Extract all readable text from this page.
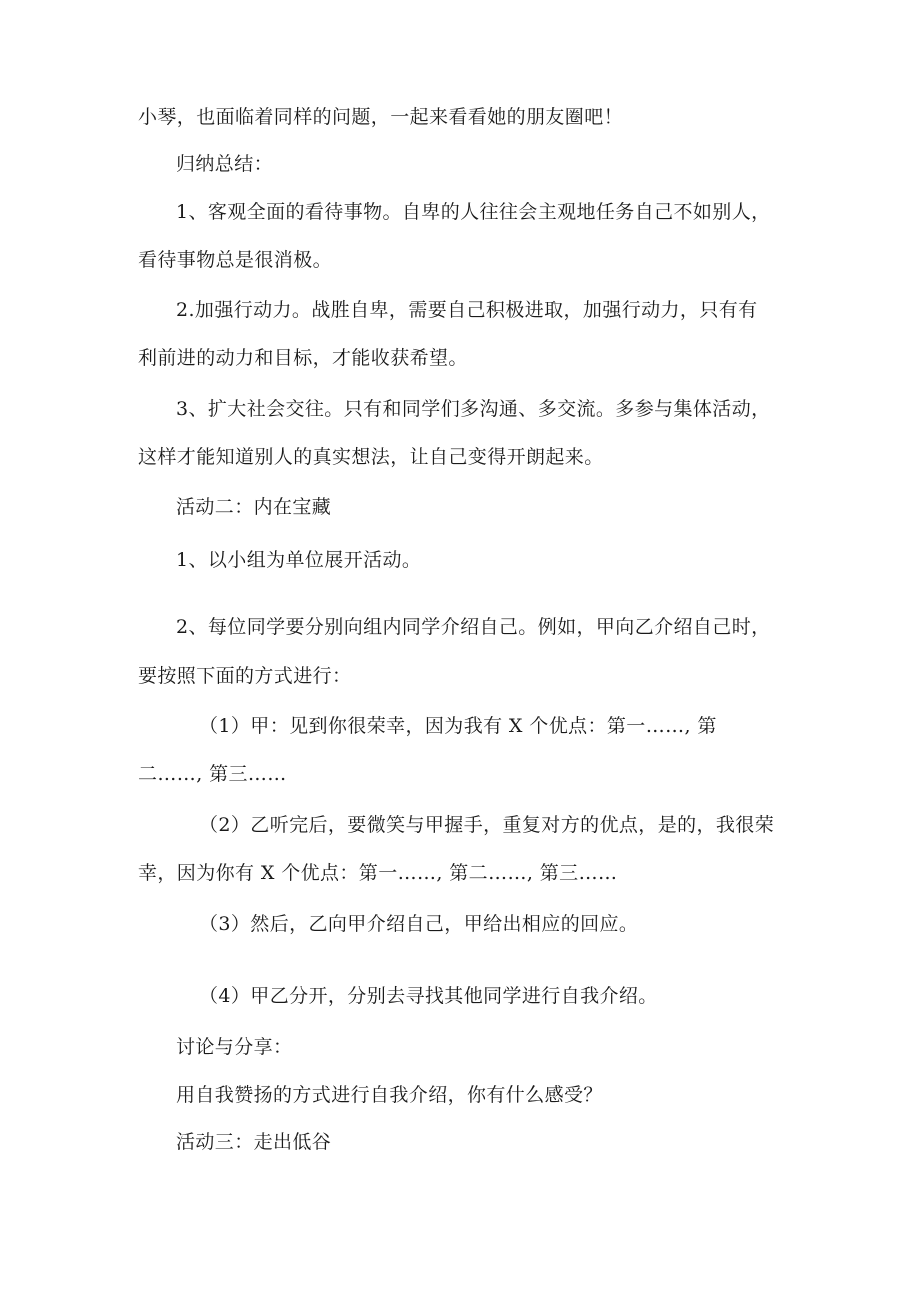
小琴，也面临着同样的问题，一起来看看她的朋友圈吧！

归纳总结：

1、客观全面的看待事物。自卑的人往往会主观地任务自己不如别人，

看待事物总是很消极。

2.加强行动力。战胜自卑，需要自己积极进取，加强行动力，只有有

利前进的动力和目标，才能收获希望。

3、扩大社会交往。只有和同学们多沟通、多交流。多参与集体活动，

这样才能知道别人的真实想法，让自己变得开朗起来。

活动二：内在宝藏

1、以小组为单位展开活动。

2、每位同学要分别向组内同学介绍自己。例如，甲向乙介绍自己时，

要按照下面的方式进行：

（1）甲：见到你很荣幸，因为我有 X 个优点：第一……, 第

二……, 第三……

（2）乙听完后，要微笑与甲握手，重复对方的优点，是的，我很荣

幸，因为你有 X 个优点：第一……, 第二……, 第三……

（3）然后，乙向甲介绍自己，甲给出相应的回应。

（4）甲乙分开，分别去寻找其他同学进行自我介绍。

讨论与分享：

用自我赞扬的方式进行自我介绍，你有什么感受？

活动三：走出低谷
